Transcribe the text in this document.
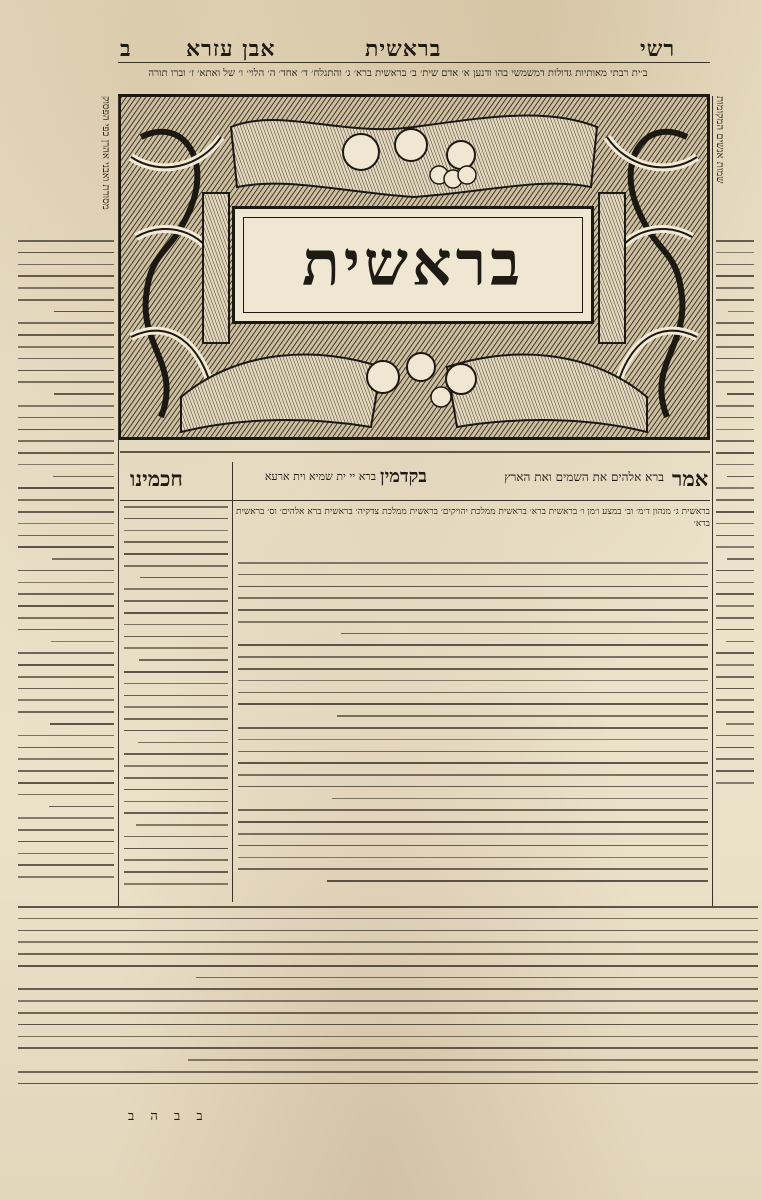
רשי
בראשית
אבן עזרא
ב
ב׳ית רבתי מאותיות גדולות דמשמשי בהו ודנען א׳ אדם שית׳ ב׳ בראשית ברא׳ ג׳ והתגלח׳ ד׳ אחד׳ ה׳ הלוי׳ ו׳ של ואתא׳ ז׳ וברו תורה
מסורת ואבני אהרן כפי הפסוק	שמות אנשים המקומות
בראשית
אמר
ברא אלהים את השמים ואת הארץ
בקדמין
ברא יי ית שמיא וית ארעא
חכמינו
בראשית ג׳ מנהון ד׳מ׳ וב׳ במצע ו׳מן ו׳ בראשית ברא׳ בראשית ממלכת יהויקים׳ בראשית ממלכת צדקיה׳ בראשית ברא אלהים׳ וס׳ בראשית ברא׳
ב ב ה ב
